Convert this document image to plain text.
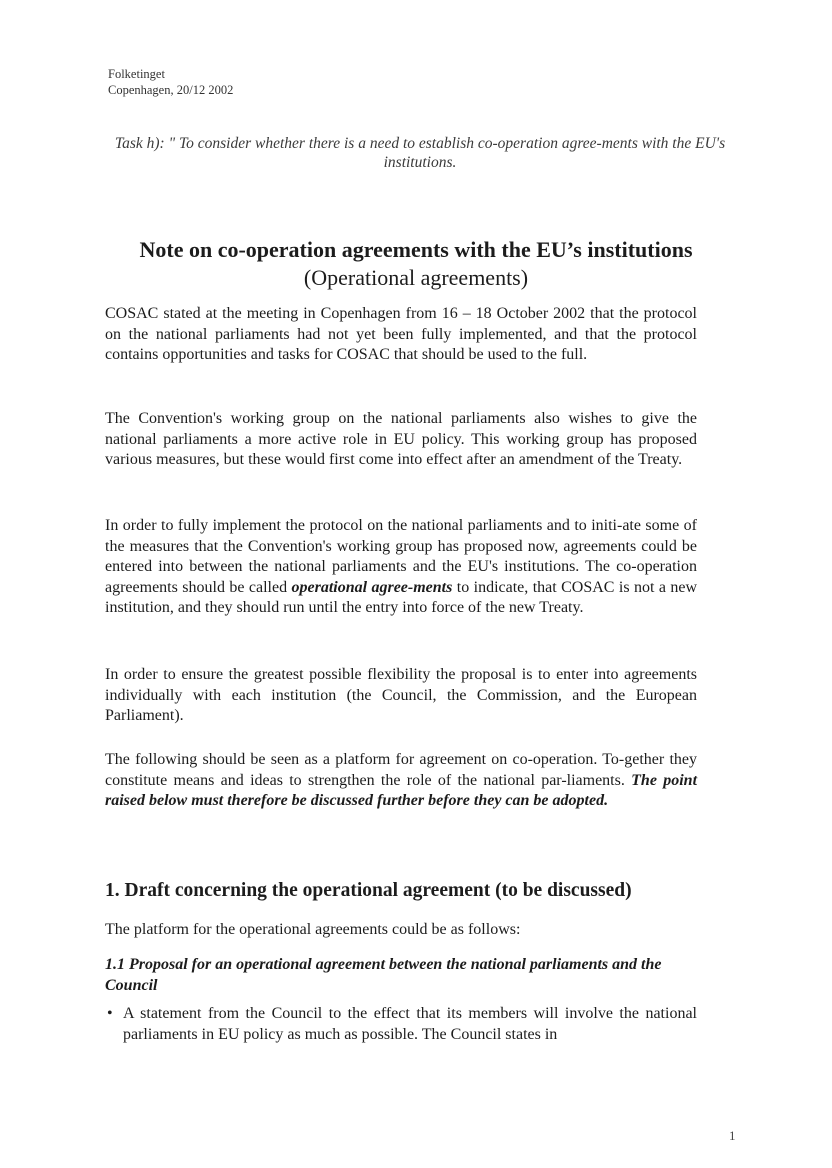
Folketinget
Copenhagen, 20/12 2002
Task h): " To consider whether there is a need to establish co-operation agree-ments with the EU's institutions.
Note on co-operation agreements with the EU’s institutions
(Operational agreements)

COSAC stated at the meeting in Copenhagen from 16 – 18 October 2002 that the protocol on the national parliaments had not yet been fully implemented, and that the protocol contains opportunities and tasks for COSAC that should be used to the full.

The Convention's working group on the national parliaments also wishes to give the national parliaments a more active role in EU policy. This working group has proposed various measures, but these would first come into effect after an amendment of the Treaty.

In order to fully implement the protocol on the national parliaments and to initi-ate some of the measures that the Convention's working group has proposed now, agreements could be entered into between the national parliaments and the EU's institutions. The co-operation agreements should be called operational agree-ments to indicate, that COSAC is not a new institution, and they should run until the entry into force of the new Treaty.

In order to ensure the greatest possible flexibility the proposal is to enter into agreements individually with each institution (the Council, the Commission, and the European Parliament).

The following should be seen as a platform for agreement on co-operation. To-gether they constitute means and ideas to strengthen the role of the national par-liaments. The point raised below must therefore be discussed further before they can be adopted.

1. Draft concerning the operational agreement (to be discussed)

The platform for the operational agreements could be as follows:

1.1 Proposal for an operational agreement between the national parliaments and the Council
• A statement from the Council to the effect that its members will involve the national parliaments in EU policy as much as possible. The Council states in
1
